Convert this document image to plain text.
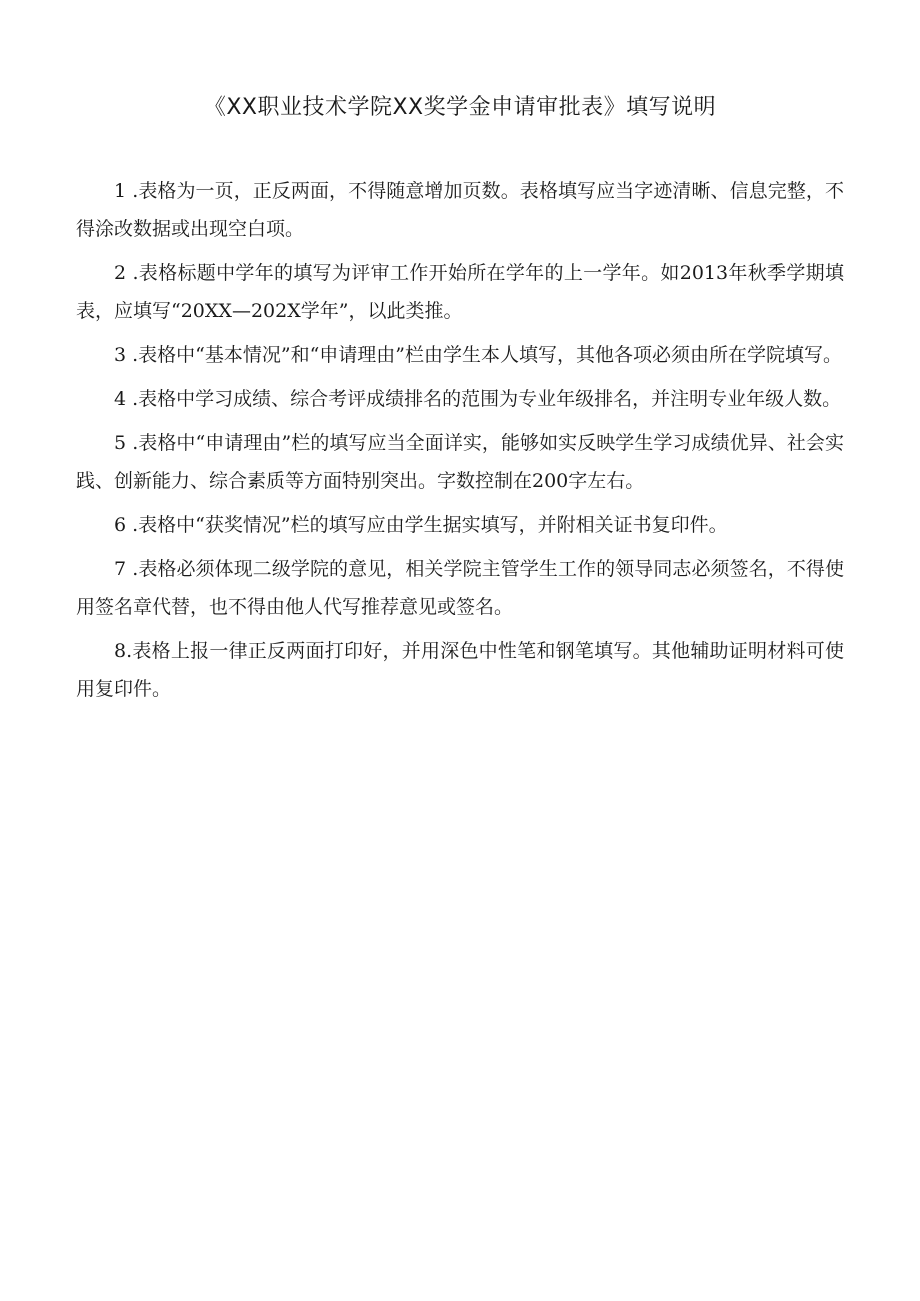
《XX职业技术学院XX奖学金申请审批表》填写说明

1 .表格为一页，正反两面，不得随意增加页数。表格填写应当字迹清晰、信息完整，不得涂改数据或出现空白项。

2 .表格标题中学年的填写为评审工作开始所在学年的上一学年。如2013年秋季学期填表，应填写“20XX—202X学年”，以此类推。

3 .表格中“基本情况”和“申请理由”栏由学生本人填写，其他各项必须由所在学院填写。

4 .表格中学习成绩、综合考评成绩排名的范围为专业年级排名，并注明专业年级人数。

5 .表格中“申请理由”栏的填写应当全面详实，能够如实反映学生学习成绩优异、社会实践、创新能力、综合素质等方面特别突出。字数控制在200字左右。

6 .表格中“获奖情况”栏的填写应由学生据实填写，并附相关证书复印件。

7 .表格必须体现二级学院的意见，相关学院主管学生工作的领导同志必须签名，不得使用签名章代替，也不得由他人代写推荐意见或签名。

8.表格上报一律正反两面打印好，并用深色中性笔和钢笔填写。其他辅助证明材料可使用复印件。
